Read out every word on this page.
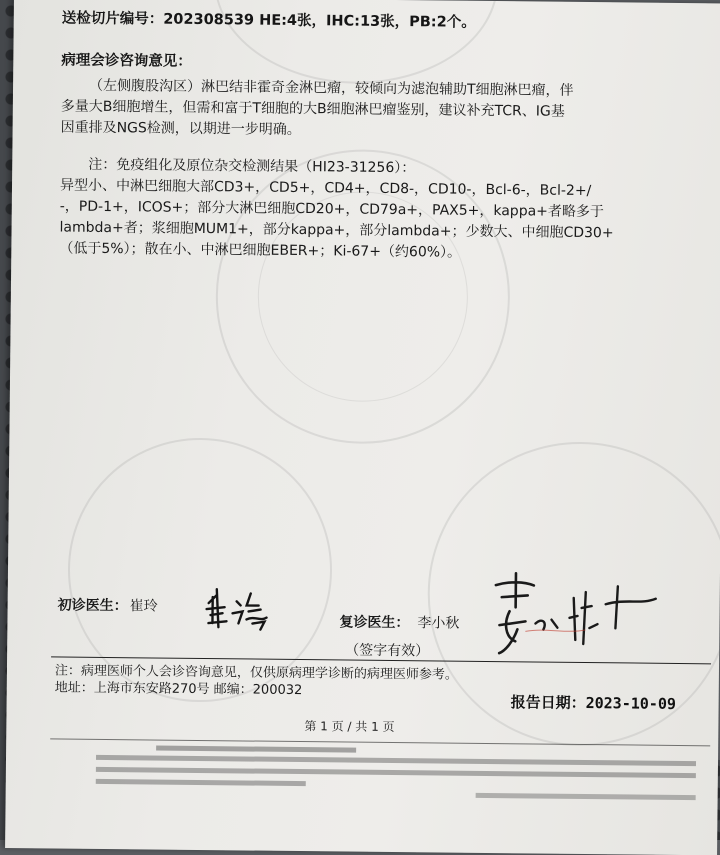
送检切片编号：202308539 HE:4张，IHC:13张，PB:2个。
病理会诊咨询意见：
（左侧腹股沟区）淋巴结非霍奇金淋巴瘤，较倾向为滤泡辅助T细胞淋巴瘤，伴
多量大B细胞增生，但需和富于T细胞的大B细胞淋巴瘤鉴别，建议补充TCR、IG基
因重排及NGS检测，以期进一步明确。
注：免疫组化及原位杂交检测结果（HI23-31256）：
异型小、中淋巴细胞大部CD3+，CD5+，CD4+，CD8-，CD10-，Bcl-6-，Bcl-2+/
-，PD-1+，ICOS+；部分大淋巴细胞CD20+，CD79a+，PAX5+，kappa+者略多于
lambda+者；浆细胞MUM1+，部分kappa+，部分lambda+；少数大、中细胞CD30+
（低于5%）；散在小、中淋巴细胞EBER+；Ki-67+（约60%）。
初诊医生： 崔玲
复诊医生： 李小秋
（签字有效）
注：病理医师个人会诊咨询意见，仅供原病理学诊断的病理医师参考。
地址：上海市东安路270号 邮编：200032
报告日期：2023-10-09
第 1 页 / 共 1 页
